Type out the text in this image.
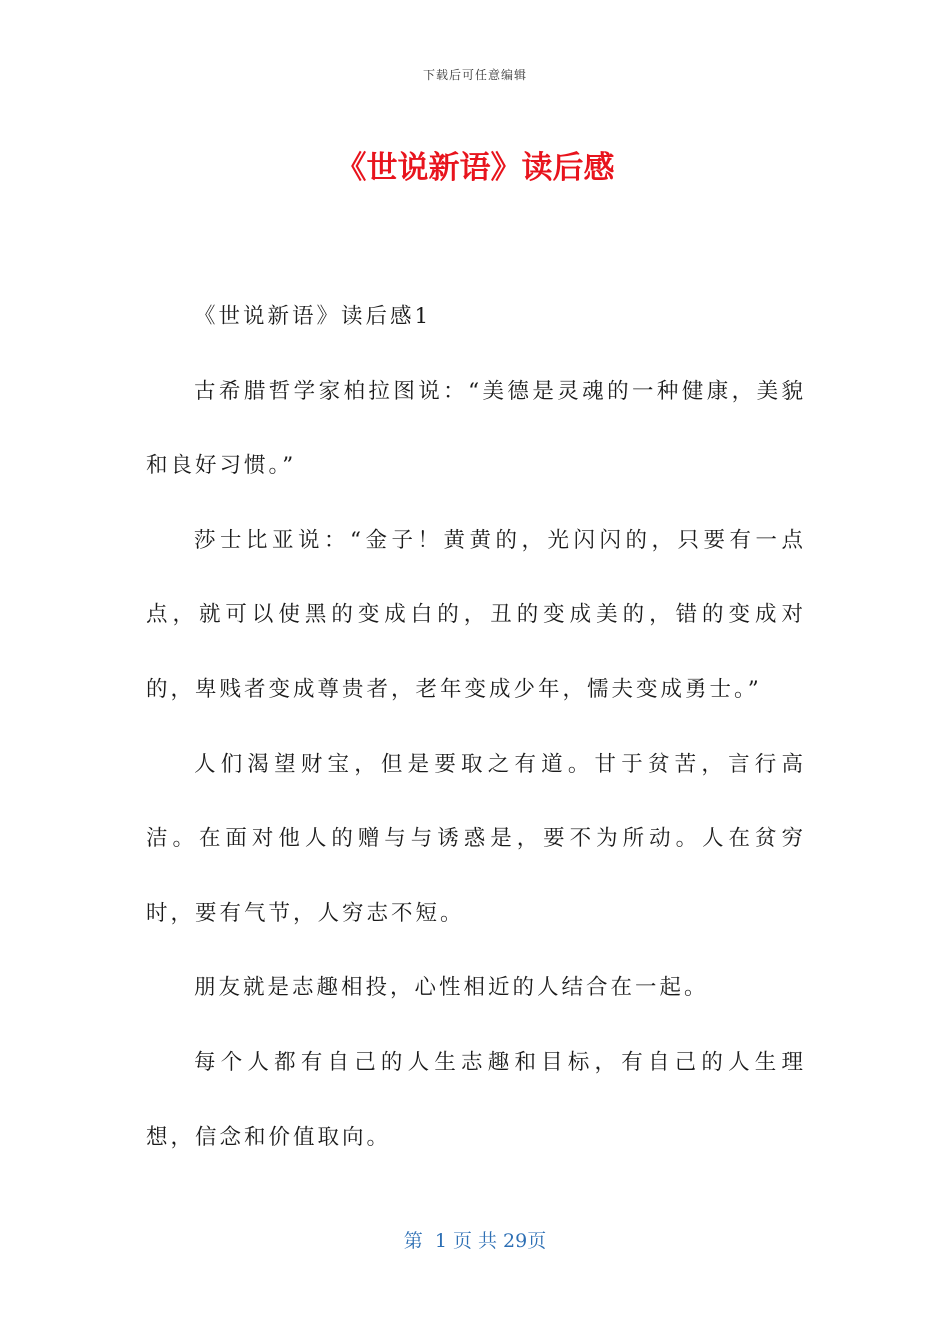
下载后可任意编辑
《世说新语》读后感

《世说新语》读后感1

古希腊哲学家柏拉图说：“美德是灵魂的一种健康，美貌和良好习惯。”

莎士比亚说：“金子！黄黄的，光闪闪的，只要有一点点，就可以使黑的变成白的，丑的变成美的，错的变成对的，卑贱者变成尊贵者，老年变成少年，懦夫变成勇士。”

人们渴望财宝，但是要取之有道。甘于贫苦，言行高洁。在面对他人的赠与与诱惑是，要不为所动。人在贫穷时，要有气节，人穷志不短。

朋友就是志趣相投，心性相近的人结合在一起。

每个人都有自己的人生志趣和目标，有自己的人生理想，信念和价值取向。

第  1 页 共 29页
